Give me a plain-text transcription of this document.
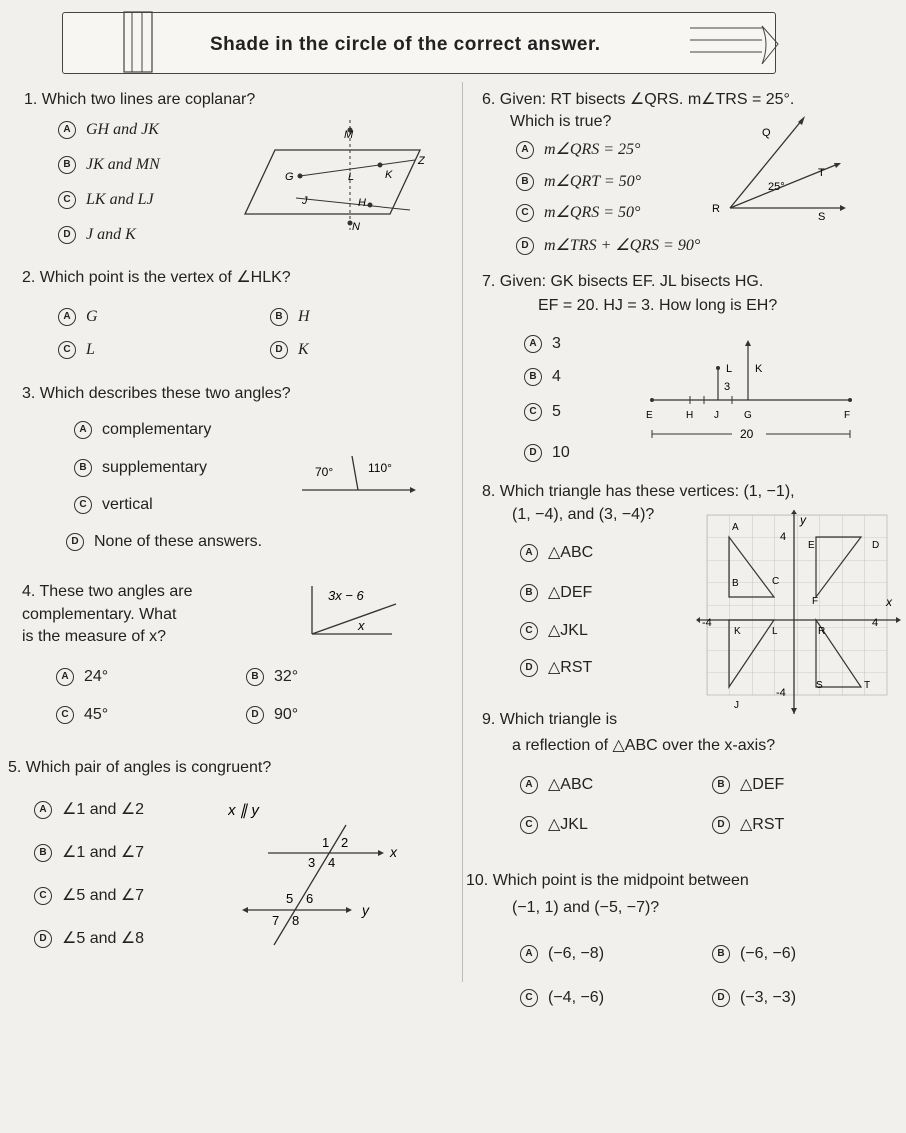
Shade in the circle of the correct answer.
1. Which two lines are coplanar?
A GH and JK
B JK and MN
C LK and LJ
D J and K
M
G	L
Z
K
J	H
N
2. Which point is the vertex of ∠HLK?
A G	B H
C L	D K
3. Which describes these two angles?
A complementary
B supplementary
C vertical
D None of these answers.
70°	110°
4. These two angles are
complementary. What
is the measure of x?
A 24°	B 32°
C 45°	D 90°
3x − 6
x
5. Which pair of angles is congruent?
A ∠1 and ∠2
B ∠1 and ∠7
C ∠5 and ∠7
D ∠5 and ∠8
x ∥ y
1 2
3 4
5 6
7 8
x
y
6. Given: RT bisects ∠QRS. m∠TRS = 25°.
Which is true?
A m∠QRS = 25°
B m∠QRT = 50°
C m∠QRS = 50°
D m∠TRS + ∠QRS = 90°
Q
T
25°
R
S
7. Given: GK bisects EF. JL bisects HG.
EF = 20. HJ = 3. How long is EH?
A 3
B 4
C 5
D 10
L K
3
E	H J	G	F
20
8. Which triangle has these vertices: (1, −1),
(1, −4), and (3, −4)?
A △ABC
B △DEF
C △JKL
D △RST
y
x
4
-4	4
-4
A
B	C
D
E
F
J
K	L	R
S	T
9. Which triangle is
a reflection of △ABC over the x-axis?
A △ABC	B △DEF
C △JKL	D △RST
10. Which point is the midpoint between
(−1, 1) and (−5, −7)?
A (−6, −8)	B (−6, −6)
C (−4, −6)	D (−3, −3)
